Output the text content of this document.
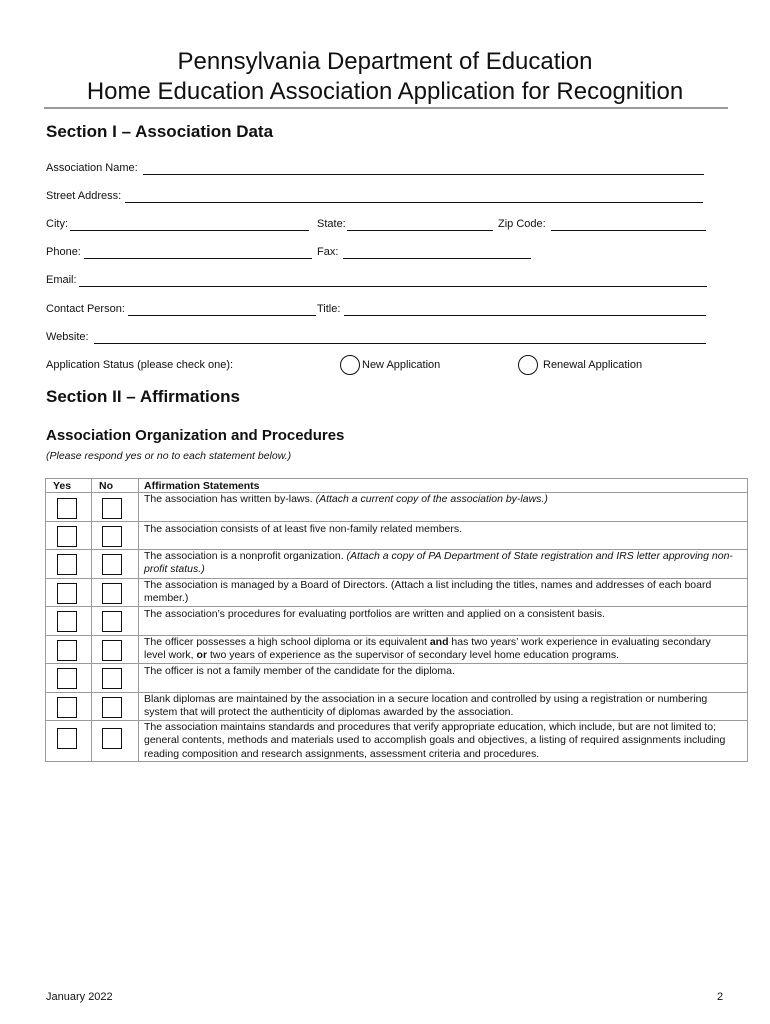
Pennsylvania Department of Education
Home Education Association Application for Recognition
Section I – Association Data
Association Name:
Street Address:
City:	State:	Zip Code:
Phone:	Fax:
Email:
Contact Person:	Title:
Website:
Application Status (please check one):	New Application	Renewal Application
Section II – Affirmations
Association Organization and Procedures
(Please respond yes or no to each statement below.)
Yes	No	Affirmation Statements
The association has written by-laws. (Attach a current copy of the association by-laws.)
The association consists of at least five non-family related members.
The association is a nonprofit organization. (Attach a copy of PA Department of State registration and IRS letter approving non-profit status.)
The association is managed by a Board of Directors. (Attach a list including the titles, names and addresses of each board member.)
The association’s procedures for evaluating portfolios are written and applied on a consistent basis.
The officer possesses a high school diploma or its equivalent and has two years’ work experience in evaluating secondary level work, or two years of experience as the supervisor of secondary level home education programs.
The officer is not a family member of the candidate for the diploma.
Blank diplomas are maintained by the association in a secure location and controlled by using a registration or numbering system that will protect the authenticity of diplomas awarded by the association.
The association maintains standards and procedures that verify appropriate education, which include, but are not limited to; general contents, methods and materials used to accomplish goals and objectives, a listing of required assignments including reading composition and research assignments, assessment criteria and procedures.
January 2022	2
